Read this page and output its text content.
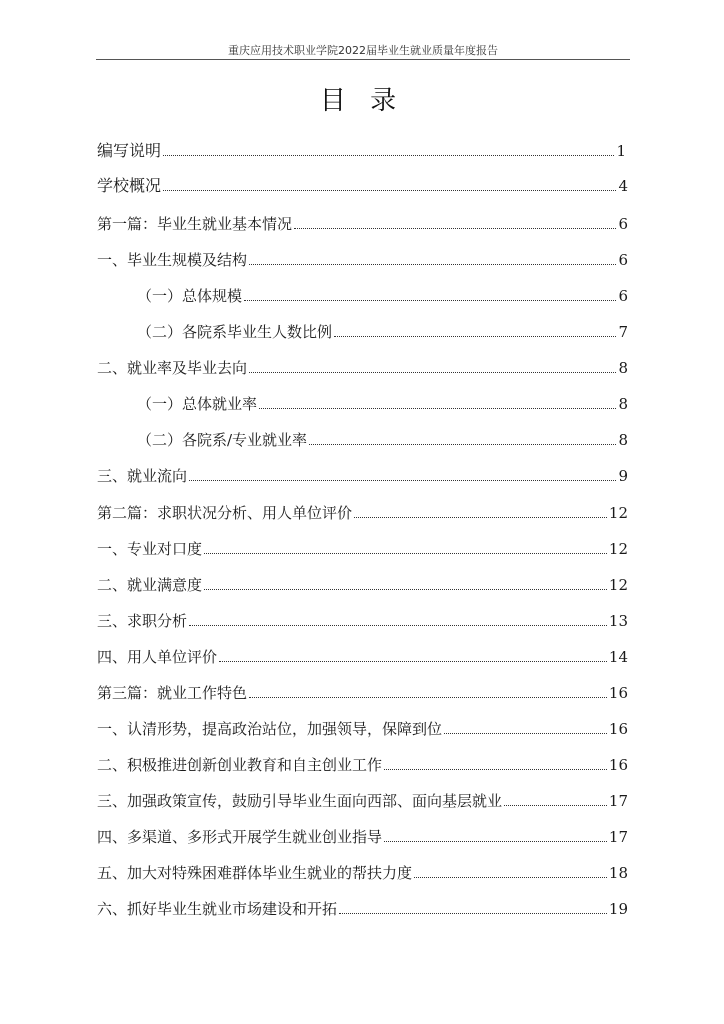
重庆应用技术职业学院2022届毕业生就业质量年度报告
目 录
编写说明	1
学校概况	4
第一篇：毕业生就业基本情况	6
一、毕业生规模及结构	6
（一）总体规模	6
（二）各院系毕业生人数比例	7
二、就业率及毕业去向	8
（一）总体就业率	8
（二）各院系/专业就业率	8
三、就业流向	9
第二篇：求职状况分析、用人单位评价	12
一、专业对口度	12
二、就业满意度	12
三、求职分析	13
四、用人单位评价	14
第三篇：就业工作特色	16
一、认清形势，提高政治站位，加强领导，保障到位	16
二、积极推进创新创业教育和自主创业工作	16
三、加强政策宣传，鼓励引导毕业生面向西部、面向基层就业	17
四、多渠道、多形式开展学生就业创业指导	17
五、加大对特殊困难群体毕业生就业的帮扶力度	18
六、抓好毕业生就业市场建设和开拓	19
